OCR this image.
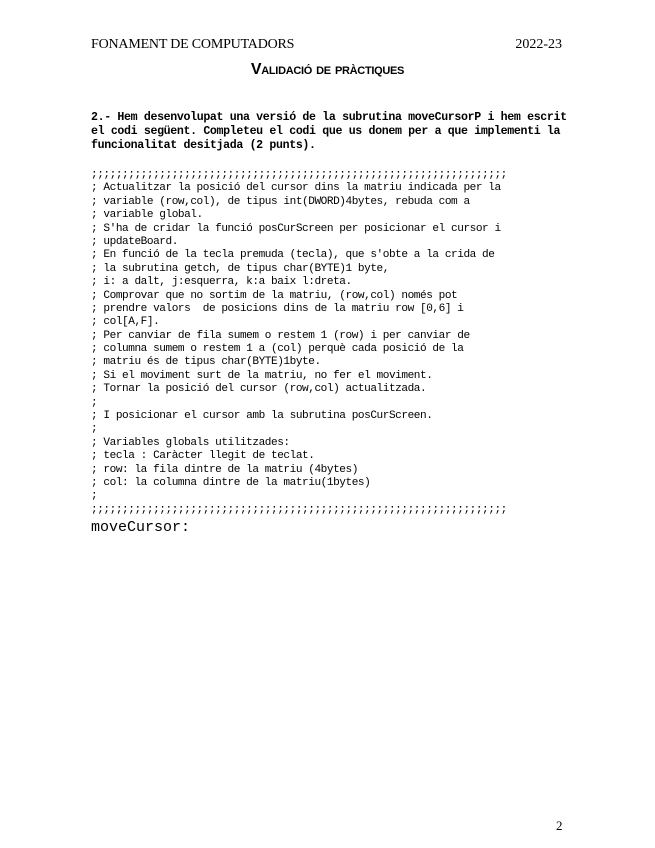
FONAMENT DE COMPUTADORS	2022-23
Validació de pràctiques
2.- Hem desenvolupat una versió de la subrutina moveCursorP i hem escrit el codi següent. Completeu el codi que us donem per a que implementi la funcionalitat desitjada (2 punts).
;;;;;;;;;;;;;;;;;;;;;;;;;;;;;;;;;;;;;;;;;;;;;;;;;;;;;;;;;;;;;;;;;;;
; Actualitzar la posició del cursor dins la matriu indicada per la
; variable (row,col), de tipus int(DWORD)4bytes, rebuda com a
; variable global.
; S'ha de cridar la funció posCurScreen per posicionar el cursor i
; updateBoard.
; En funció de la tecla premuda (tecla), que s'obte a la crida de
; la subrutina getch, de tipus char(BYTE)1 byte,
; i: a dalt, j:esquerra, k:a baix l:dreta.
; Comprovar que no sortim de la matriu, (row,col) només pot
; prendre valors  de posicions dins de la matriu row [0,6] i
; col[A,F].
; Per canviar de fila sumem o restem 1 (row) i per canviar de
; columna sumem o restem 1 a (col) perquè cada posició de la
; matriu és de tipus char(BYTE)1byte.
; Si el moviment surt de la matriu, no fer el moviment.
; Tornar la posició del cursor (row,col) actualitzada.
;
; I posicionar el cursor amb la subrutina posCurScreen.
;
; Variables globals utilitzades:
; tecla : Caràcter llegit de teclat.
; row: la fila dintre de la matriu (4bytes)
; col: la columna dintre de la matriu(1bytes)
;
;;;;;;;;;;;;;;;;;;;;;;;;;;;;;;;;;;;;;;;;;;;;;;;;;;;;;;;;;;;;;;;;;;;
moveCursor:
2
